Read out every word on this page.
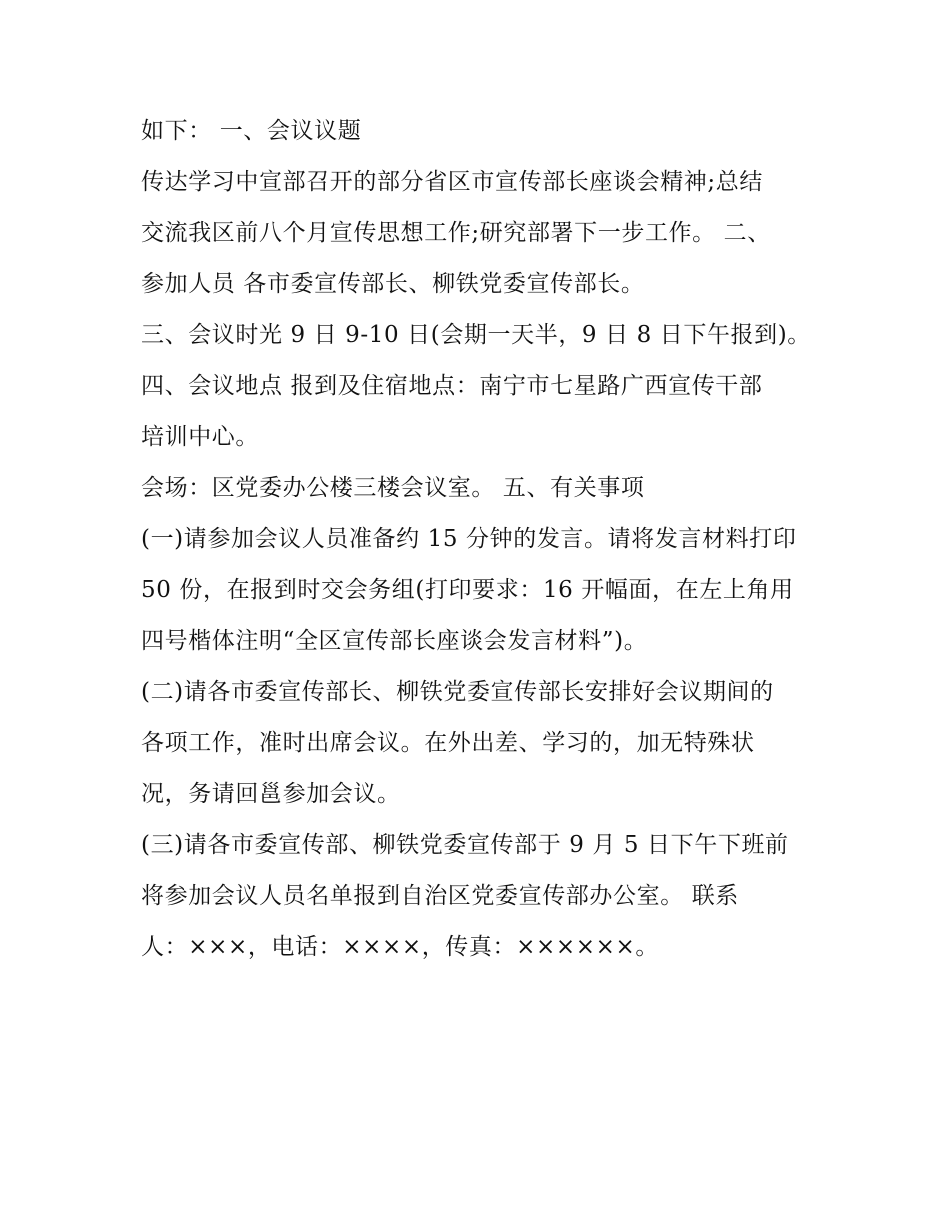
如下： 一、会议议题
传达学习中宣部召开的部分省区市宣传部长座谈会精神;总结
交流我区前八个月宣传思想工作;研究部署下一步工作。 二、
参加人员 各市委宣传部长、柳铁党委宣传部长。
三、会议时光 9 日 9-10 日(会期一天半，9 日 8 日下午报到)。
四、会议地点 报到及住宿地点：南宁市七星路广西宣传干部
培训中心。
会场：区党委办公楼三楼会议室。 五、有关事项
(一)请参加会议人员准备约 15 分钟的发言。请将发言材料打印
50 份，在报到时交会务组(打印要求：16 开幅面，在左上角用
四号楷体注明“全区宣传部长座谈会发言材料”)。
(二)请各市委宣传部长、柳铁党委宣传部长安排好会议期间的
各项工作，准时出席会议。在外出差、学习的，加无特殊状
况，务请回邕参加会议。
(三)请各市委宣传部、柳铁党委宣传部于 9 月 5 日下午下班前
将参加会议人员名单报到自治区党委宣传部办公室。 联系
人：×××，电话：××××，传真：××××××。
